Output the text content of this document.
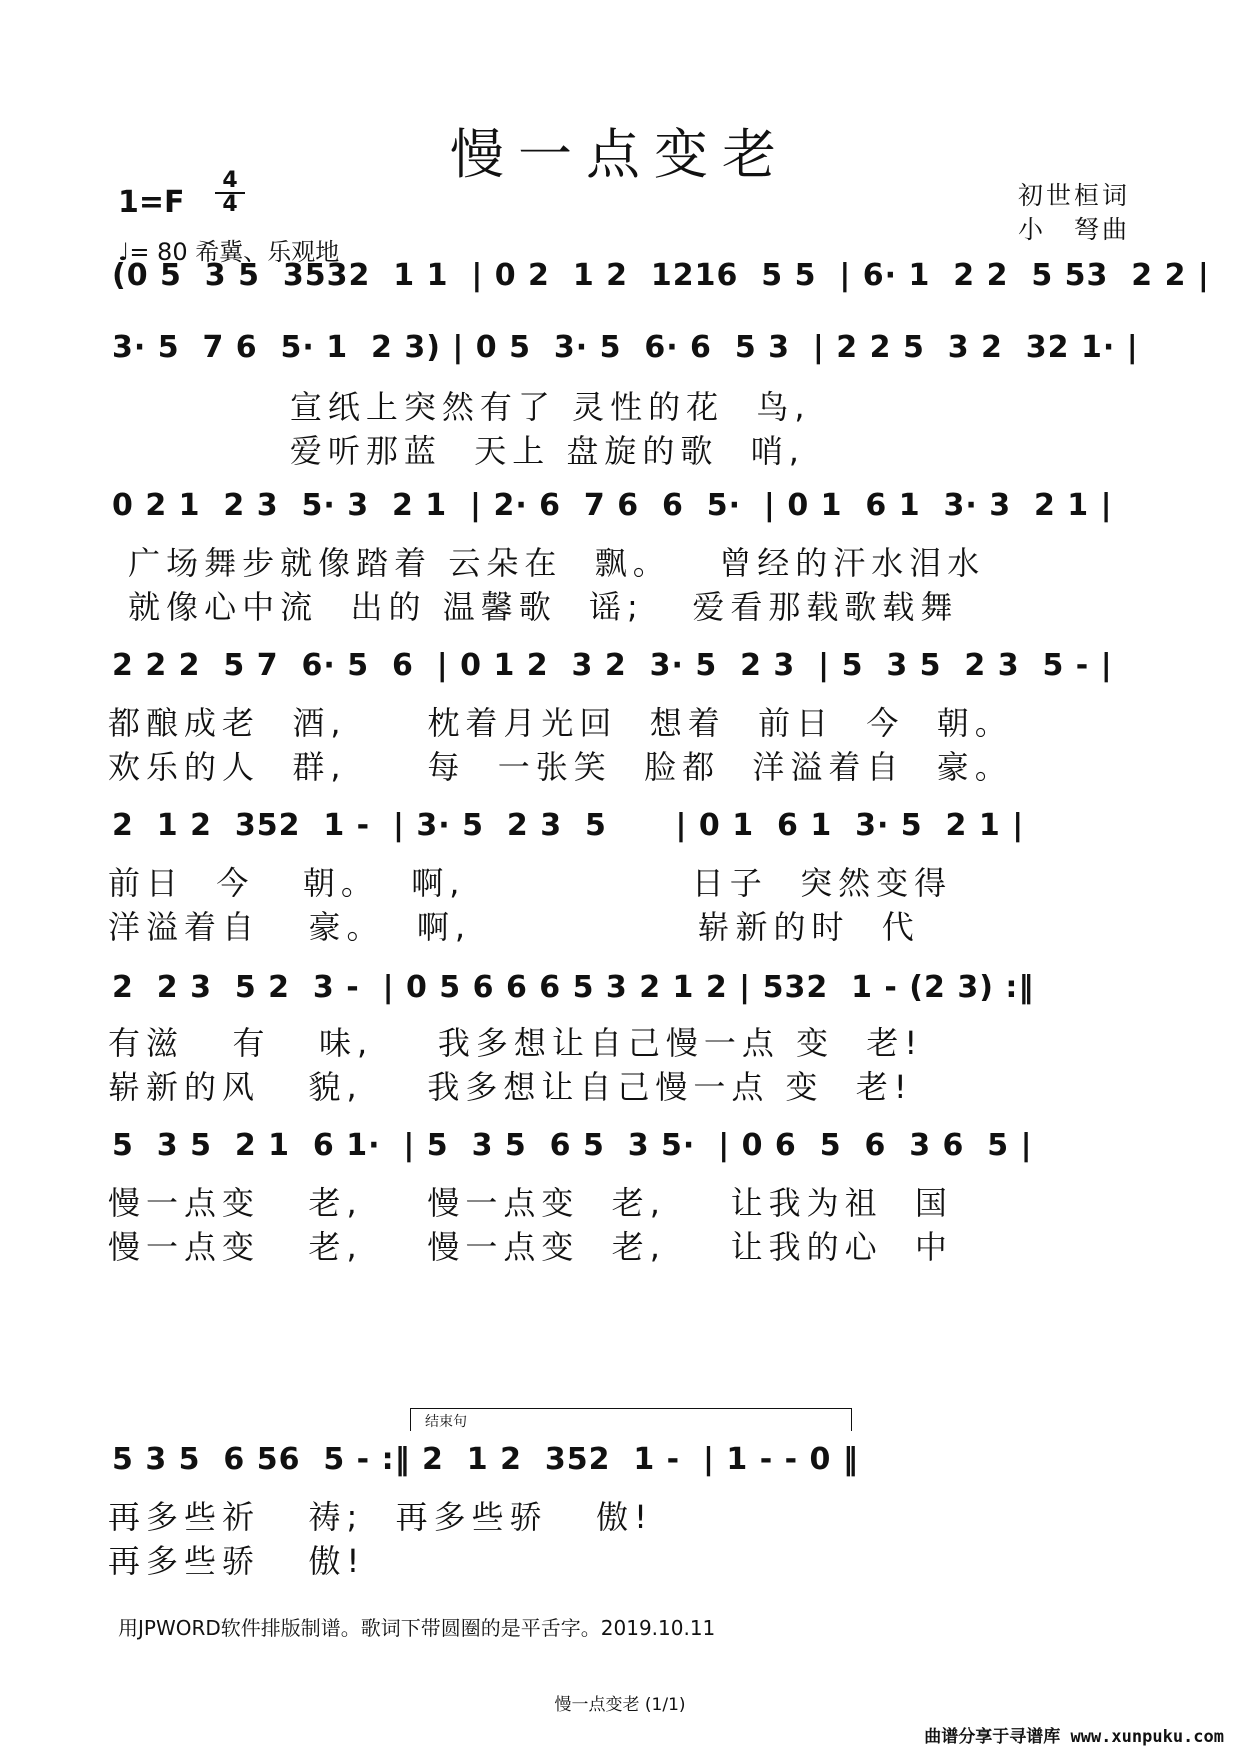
慢一点变老
1=F
4
4
♩= 80 希冀、乐观地
初世桓词
小　弩曲
(0 5  3 5  3532  1 1  | 0 2  1 2  1216  5 5  | 6· 1  2 2  5 53  2 2 |
3· 5  7 6  5· 1  2 3) | 0 5  3· 5  6· 6  5 3  | 2 2 5  3 2  32 1· |
宣纸上突然有了 灵性的花  鸟,
爱听那蓝  天上 盘旋的歌  哨,
0 2 1  2 3  5· 3  2 1  | 2· 6  7 6  6  5·  | 0 1  6 1  3· 3  2 1 |
广场舞步就像踏着 云朵在  飘。   曾经的汗水泪水
就像心中流  出的 温馨歌  谣;   爱看那载歌载舞
2 2 2  5 7  6· 5  6  | 0 1 2  3 2  3· 5  2 3  | 5  3 5  2 3  5 - |
都酿成老  酒,     枕着月光回  想着  前日  今  朝。
欢乐的人  群,     每  一张笑  脸都  洋溢着自  豪。
2  1 2  352  1 -  | 3· 5  2 3  5      | 0 1  6 1  3· 5  2 1 |
前日  今   朝。  啊,              日子  突然变得
洋溢着自   豪。  啊,              崭新的时  代
2  2 3  5 2  3 -  | 0 5 6 6 6 5 3 2 1 2 | 532  1 - (2 3) :‖
有滋   有   味,    我多想让自己慢一点 变  老!
崭新的风   貌,    我多想让自己慢一点 变  老!
5  3 5  2 1  6 1·  | 5  3 5  6 5  3 5·  | 0 6  5  6  3 6  5 |
慢一点变   老,    慢一点变  老,    让我为祖  国
慢一点变   老,    慢一点变  老,    让我的心  中
结束句
5 3 5  6 56  5 - :‖ 2  1 2  352  1 -  | 1 - - 0 ‖
再多些祈   祷;  再多些骄   傲!
再多些骄   傲!
用JPWORD软件排版制谱。歌词下带圆圈的是平舌字。2019.10.11
慢一点变老 (1/1)
曲谱分享于寻谱库 www.xunpuku.com
